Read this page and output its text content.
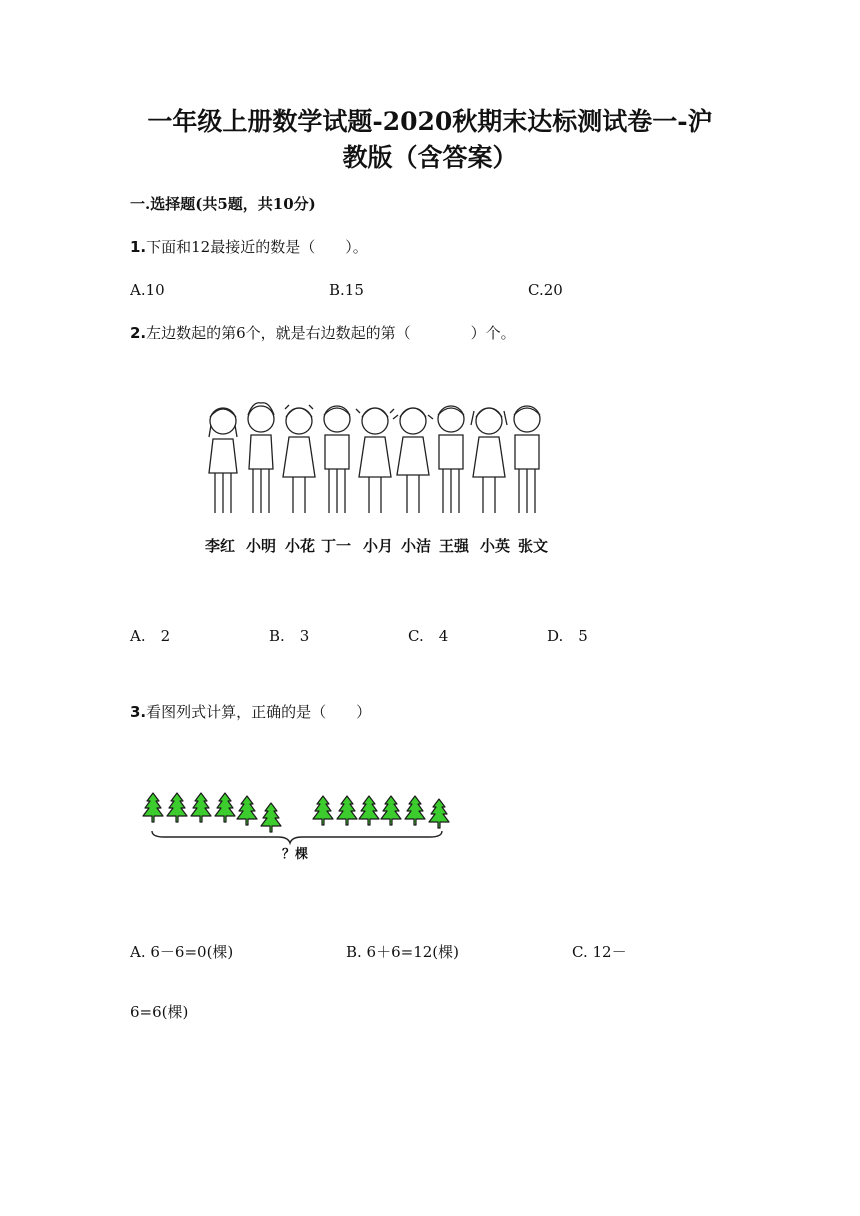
一年级上册数学试题-2020秋期末达标测试卷一-沪
教版（含答案）
一.选择题(共5题，共10分)
1.下面和12最接近的数是（　　）。
A.10	B.15	C.20
2.左边数起的第6个，就是右边数起的第（　　　　）个。
李红 小明 小花 丁一 小月 小洁 王强 小英 张文
A.　2	B.　3	C.　4	D.　5
3.看图列式计算，正确的是（　　）
？棵
A. 6－6=0(棵)	B. 6＋6=12(棵)	C. 12－
6=6(棵)
